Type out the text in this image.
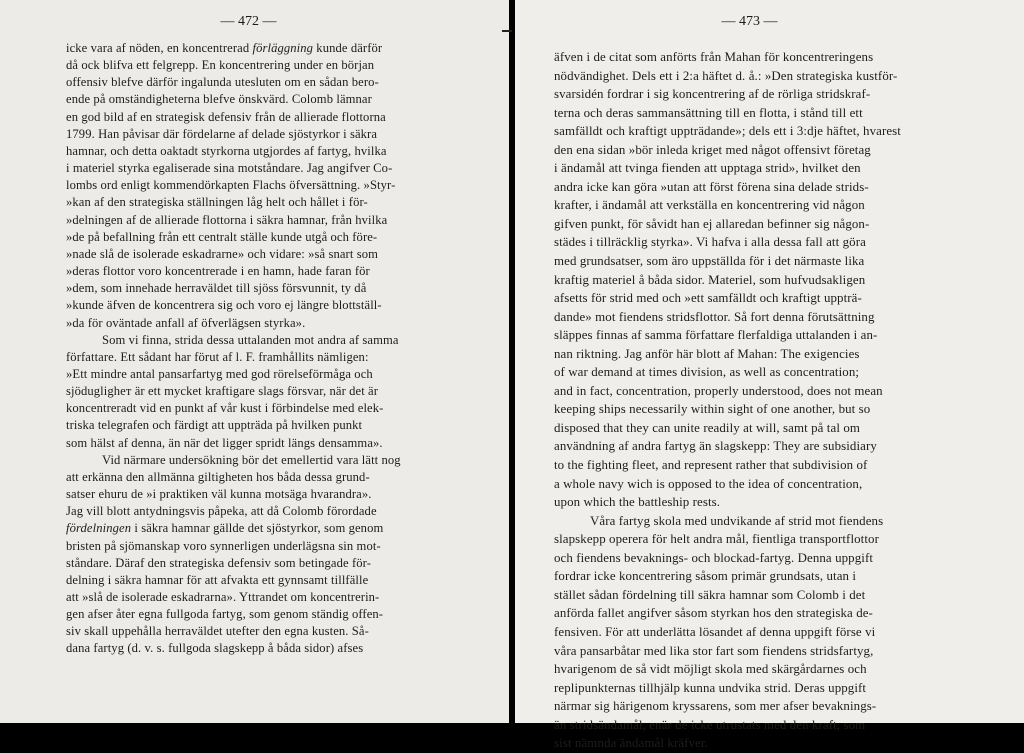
— 472 —
icke vara af nöden, en koncentrerad förläggning kunde därför
då ock blifva ett felgrepp. En koncentrering under en början
offensiv blefve därför ingalunda utesluten om en sådan bero-
ende på omständigheterna blefve önskvärd. Colomb lämnar
en god bild af en strategisk defensiv från de allierade flottorna
1799. Han påvisar där fördelarne af delade sjöstyrkor i säkra
hamnar, och detta oaktadt styrkorna utgjordes af fartyg, hvilka
i materiel styrka egaliserade sina motståndare. Jag angifver Co-
lombs ord enligt kommendörkapten Flachs öfversättning. »Styr-
»kan af den strategiska ställningen låg helt och hållet i för-
»delningen af de allierade flottorna i säkra hamnar, från hvilka
»de på befallning från ett centralt ställe kunde utgå och före-
»nade slå de isolerade eskadrarne» och vidare: »så snart som
»deras flottor voro koncentrerade i en hamn, hade faran för
»dem, som innehade herraväldet till sjöss försvunnit, ty då
»kunde äfven de koncentrera sig och voro ej längre blottställ-
»da för oväntade anfall af öfverlägsen styrka».
Som vi finna, strida dessa uttalanden mot andra af samma
författare. Ett sådant har förut af l. F. framhållits nämligen:
»Ett mindre antal pansarfartyg med god rörelseförmåga och
sjödugligheт är ett mycket kraftigare slags försvar, när det är
koncentreradt vid en punkt af vår kust i förbindelse med elek-
triska telegrafen och färdigt att uppträda på hvilken punkt
som hälst af denna, än när det ligger spridt längs densamma».
Vid närmare undersökning bör det emellertid vara lätt nog
att erkänna den allmänna giltigheten hos båda dessa grund-
satser ehuru de »i praktiken väl kunna motsäga hvarandra».
Jag vill blott antydningsvis påpeka, att då Colomb förordade
fördelningen i säkra hamnar gällde det sjöstyrkor, som genom
bristen på sjömanskap voro synnerligen underlägsna sin mot-
ståndare. Däraf den strategiska defensiv som betingade för-
delning i säkra hamnar för att afvakta ett gynnsamt tillfälle
att »slå de isolerade eskadrarna». Yttrandet om koncentrerin-
gen afser åter egna fullgoda fartyg, som genom ständig offen-
siv skall uppehålla herraväldet utefter den egna kusten. Så-
dana fartyg (d. v. s. fullgoda slagskepp å båda sidor) afses
— 473 —
äfven i de citat som anförts från Mahan för koncentreringens
nödvändighet. Dels ett i 2:a häftet d. å.: »Den strategiska kustför-
svarsidén fordrar i sig koncentrering af de rörliga stridskraf-
terna och deras sammansättning till en flotta, i stånd till ett
samfälldt och kraftigt uppträdande»; dels ett i 3:dje häftet, hvarest
den ena sidan »bör inleda kriget med något offensivt företag
i ändamål att tvinga fienden att upptaga strid», hvilket den
andra icke kan göra »utan att först förena sina delade strids-
krafter, i ändamål att verkställa en koncentrering vid någon
gifven punkt, för såvidt han ej allaredan befinner sig någon-
städes i tillräcklig styrka». Vi hafva i alla dessa fall att göra
med grundsatser, som äro uppställda för i det närmaste lika
kraftig materiel å båda sidor. Materiel, som hufvudsakligen
afsetts för strid med och »ett samfälldt och kraftigt uppträ-
dande» mot fiendens stridsflottor. Så fort denna förutsättning
släppes finnas af samma författare flerfaldiga uttalanden i an-
nan riktning. Jag anför här blott af Mahan: The exigencies
of war demand at times division, as well as concentration;
and in fact, concentration, properly understood, does not mean
keeping ships necessarily within sight of one another, but so
disposed that they can unite readily at will, samt på tal om
användning af andra fartyg än slagskepp: They are subsidiary
to the fighting fleet, and represent rather that subdivision of
a whole navy wich is opposed to the idea of concentration,
upon which the battleship rests.
Våra fartyg skola med undvikande af strid mot fiendens
slapskepp operera för helt andra mål, fientliga transportflottor
och fiendens bevaknings- och blockad-fartyg. Denna uppgift
fordrar icke koncentrering såsom primär grundsats, utan i
stället sådan fördelning till säkra hamnar som Colomb i det
anförda fallet angifver såsom styrkan hos den strategiska de-
fensiven. För att underlätta lösandet af denna uppgift förse vi
våra pansarbåtar med lika stor fart som fiendens stridsfartyg,
hvarigenom de så vidt möjligt skola med skärgårdarnes och
replipunkternas tillhjälp kunna undvika strid. Deras uppgift
närmar sig härigenom kryssarens, som mer afser bevaknings-
än stridsändamål, enär de icke utrustats med den kraft, som
sist nämnda ändamål kräfver.
